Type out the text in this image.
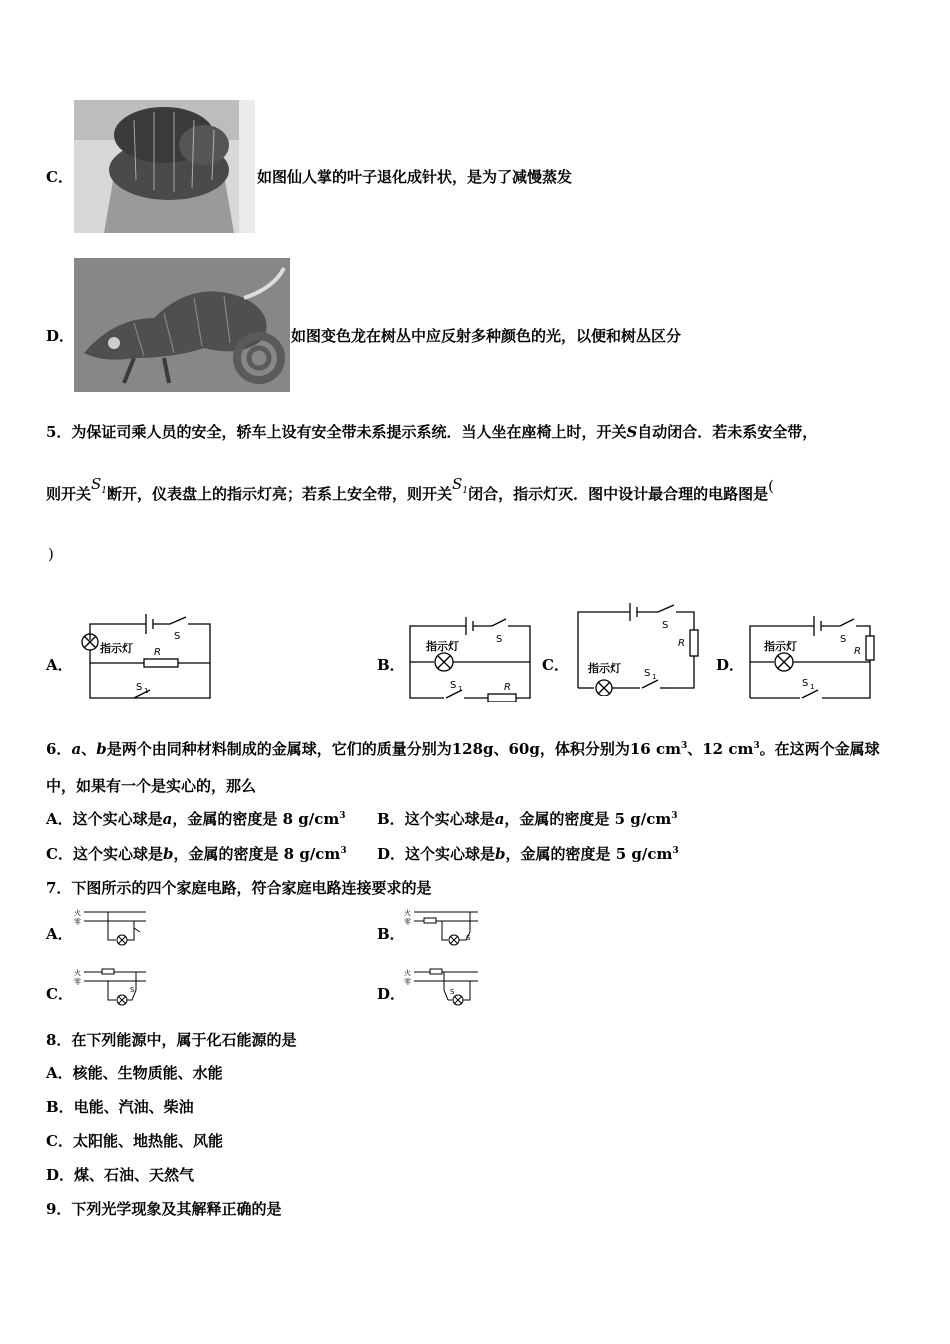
C．	如图仙人掌的叶子退化成针状，是为了减慢蒸发
D．	如图变色龙在树丛中应反射多种颜色的光，以便和树丛区分
5．为保证司乘人员的安全，轿车上设有安全带未系提示系统．当人坐在座椅上时，开关S自动闭合．若未系安全带，
则开关$S_1$断开，仪表盘上的指示灯亮；若系上安全带，则开关$S_1$闭合，指示灯灭．图中设计最合理的电路图是(
)
A．	B．	C．	D．
指示灯
S
R
S 1
指示灯
S
S 1	R
指示灯
S
R
S 1
指示灯
S
R
S 1
6．a、b是两个由同种材料制成的金属球，它们的质量分别为128g、60g，体积分别为16 $cm^3$、12 $cm^3$。在这两个金属球
中，如果有一个是实心的，那么
A．这个实心球是a，金属的密度是 8 $g/cm^3$ B．这个实心球是a，金属的密度是 5 $g/cm^3$
C．这个实心球是b，金属的密度是 8 $g/cm^3$ D．这个实心球是b，金属的密度是 5 $g/cm^3$
7．下图所示的四个家庭电路，符合家庭电路连接要求的是
A．	B．
C．	D．
火
零
火
零
S
火
零
S
火
零
S
8．在下列能源中，属于化石能源的是
A．核能、生物质能、水能
B．电能、汽油、柴油
C．太阳能、地热能、风能
D．煤、石油、天然气
9．下列光学现象及其解释正确的是
